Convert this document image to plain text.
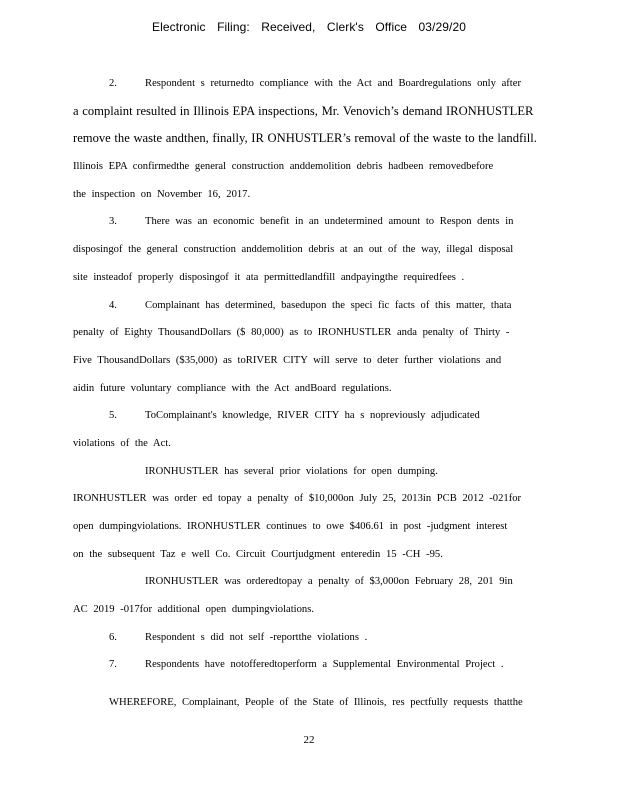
Electronic Filing: Received, Clerk's Office 03/29/20
2.	Respondent s returnedto compliance with the Act and Boardregulations only after
a complaint resulted in Illinois EPA inspections, Mr. Venovich’s demand IRONHUSTLER
remove the waste andthen, finally, IR ONHUSTLER’s removal of the waste to the landfill.
Illinois EPA confirmedthe general construction anddemolition debris hadbeen removedbefore
the inspection on November 16, 2017.
3.	There was an economic benefit in an undetermined amount to Respon dents in
disposingof the general construction anddemolition debris at an out of the way, illegal disposal
site insteadof properly disposingof it ata permittedlandfill andpayingthe requiredfees .
4.	Complainant has determined, basedupon the speci fic facts of this matter, thata
penalty of Eighty ThousandDollars ($ 80,000) as to IRONHUSTLER anda penalty of Thirty -
Five ThousandDollars ($35,000) as toRIVER CITY will serve to deter further violations and
aidin future voluntary compliance with the Act andBoard regulations.
5.	ToComplainant's knowledge, RIVER CITY ha s nopreviously adjudicated
violations of the Act.
IRONHUSTLER has several prior violations for open dumping.
IRONHUSTLER was order ed topay a penalty of $10,000on July 25, 2013in PCB 2012 -021for
open dumpingviolations. IRONHUSTLER continues to owe $406.61 in post -judgment interest
on the subsequent Taz e well Co. Circuit Courtjudgment enteredin 15 -CH -95.
IRONHUSTLER was orderedtopay a penalty of $3,000on February 28, 201 9in
AC 2019 -017for additional open dumpingviolations.
6.	Respondent s did not self -reportthe violations .
7.	Respondents have notofferedtoperform a Supplemental Environmental Project .
WHEREFORE, Complainant, People of the State of Illinois, res pectfully requests thatthe
22
